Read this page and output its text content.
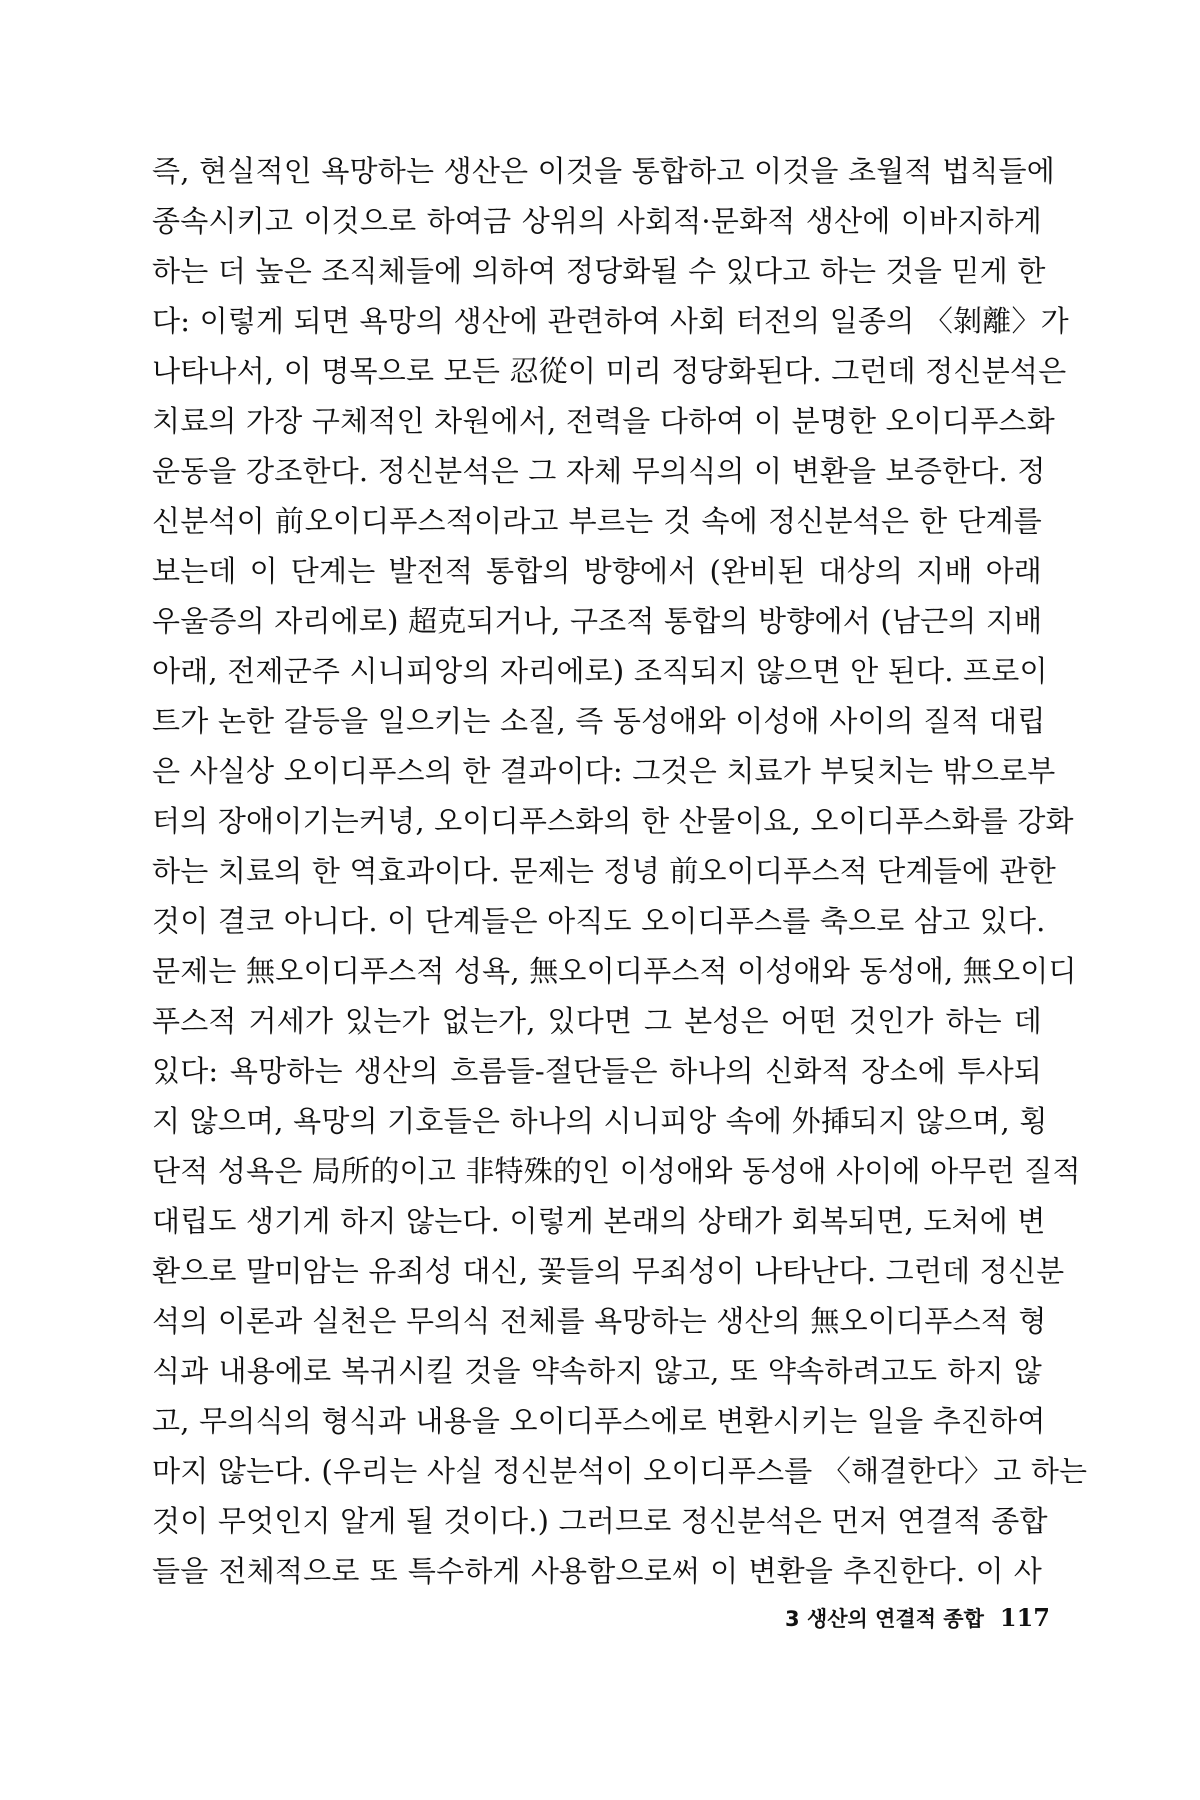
즉, 현실적인 욕망하는 생산은 이것을 통합하고 이것을 초월적 법칙들에
종속시키고 이것으로 하여금 상위의 사회적·문화적 생산에 이바지하게
하는 더 높은 조직체들에 의하여 정당화될 수 있다고 하는 것을 믿게 한
다: 이렇게 되면 욕망의 생산에 관련하여 사회 터전의 일종의 〈剝離〉가
나타나서, 이 명목으로 모든 忍從이 미리 정당화된다. 그런데 정신분석은
치료의 가장 구체적인 차원에서, 전력을 다하여 이 분명한 오이디푸스화
운동을 강조한다. 정신분석은 그 자체 무의식의 이 변환을 보증한다. 정
신분석이 前오이디푸스적이라고 부르는 것 속에 정신분석은 한 단계를
보는데 이 단계는 발전적 통합의 방향에서 (완비된 대상의 지배 아래
우울증의 자리에로) 超克되거나, 구조적 통합의 방향에서 (남근의 지배
아래, 전제군주 시니피앙의 자리에로) 조직되지 않으면 안 된다. 프로이
트가 논한 갈등을 일으키는 소질, 즉 동성애와 이성애 사이의 질적 대립
은 사실상 오이디푸스의 한 결과이다: 그것은 치료가 부딪치는 밖으로부
터의 장애이기는커녕, 오이디푸스화의 한 산물이요, 오이디푸스화를 강화
하는 치료의 한 역효과이다. 문제는 정녕 前오이디푸스적 단계들에 관한
것이 결코 아니다. 이 단계들은 아직도 오이디푸스를 축으로 삼고 있다.
문제는 無오이디푸스적 성욕, 無오이디푸스적 이성애와 동성애, 無오이디
푸스적 거세가 있는가 없는가, 있다면 그 본성은 어떤 것인가 하는 데
있다: 욕망하는 생산의 흐름들-절단들은 하나의 신화적 장소에 투사되
지 않으며, 욕망의 기호들은 하나의 시니피앙 속에 外揷되지 않으며, 횡
단적 성욕은 局所的이고 非特殊的인 이성애와 동성애 사이에 아무런 질적
대립도 생기게 하지 않는다. 이렇게 본래의 상태가 회복되면, 도처에 변
환으로 말미암는 유죄성 대신, 꽃들의 무죄성이 나타난다. 그런데 정신분
석의 이론과 실천은 무의식 전체를 욕망하는 생산의 無오이디푸스적 형
식과 내용에로 복귀시킬 것을 약속하지 않고, 또 약속하려고도 하지 않
고, 무의식의 형식과 내용을 오이디푸스에로 변환시키는 일을 추진하여
마지 않는다. (우리는 사실 정신분석이 오이디푸스를 〈해결한다〉고 하는
것이 무엇인지 알게 될 것이다.) 그러므로 정신분석은 먼저 연결적 종합
들을 전체적으로 또 특수하게 사용함으로써 이 변환을 추진한다. 이 사
3 생산의 연결적 종합 117
